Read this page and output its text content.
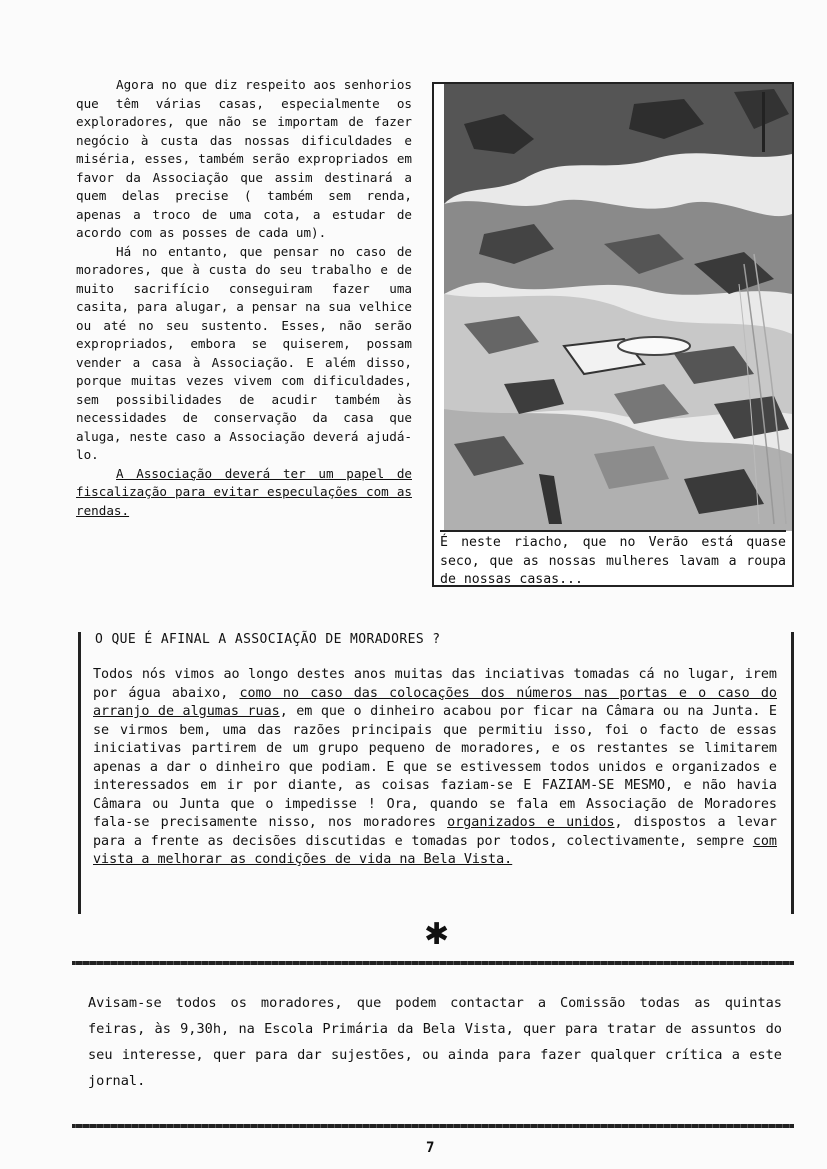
Agora no que diz respeito aos senhorios que têm várias casas, especialmente os exploradores, que não se importam de fazer negócio à custa das nossas dificuldades e miséria, esses, também serão expropriados em favor da Associação que assim destinará a quem delas precise ( também sem renda, apenas a troco de uma cota, a estudar de acordo com as posses de cada um).

Há no entanto, que pensar no caso de moradores, que à custa do seu trabalho e de muito sacrifício conseguiram fazer uma casita, para alugar, a pensar na sua velhice ou até no seu sustento. Esses, não serão expropriados, embora se quiserem, possam vender a casa à Associação. E além disso, porque muitas vezes vivem com dificuldades, sem possibilidades de acudir também às necessidades de conservação da casa que aluga, neste caso a Associação deverá ajudá-lo.

A Associação deverá ter um papel de fiscalização para evitar especulações com as rendas.

É neste riacho, que no Verão está quase seco, que as nossas mulheres lavam a roupa de nossas casas...
O QUE É AFINAL A ASSOCIAÇÃO DE MORADORES ?

Todos nós vimos ao longo destes anos muitas das inciativas tomadas cá no lugar, irem por água abaixo, como no caso das colocações dos números nas portas e o caso do arranjo de algumas ruas, em que o dinheiro acabou por ficar na Câmara ou na Junta. E se virmos bem, uma das razões principais que permitiu isso, foi o facto de essas iniciativas partirem de um grupo pequeno de moradores, e os restantes se limitarem apenas a dar o dinheiro que podiam. E que se estivessem todos unidos e organizados e interessados em ir por diante, as coisas faziam-se E FAZIAM-SE MESMO, e não havia Câmara ou Junta que o impedisse ! Ora, quando se fala em Associação de Moradores fala-se precisamente nisso, nos moradores organizados e unidos, dispostos a levar para a frente as decisões discutidas e tomadas por todos, colectivamente, sempre com vista a melhorar as condições de vida na Bela Vista.

✱

Avisam-se todos os moradores, que podem contactar a Comissão todas as quintas feiras, às 9,30h, na Escola Primária da Bela Vista, quer para tratar de assuntos do seu interesse, quer para dar sujestões, ou ainda para fazer qualquer crítica a este jornal.

7
